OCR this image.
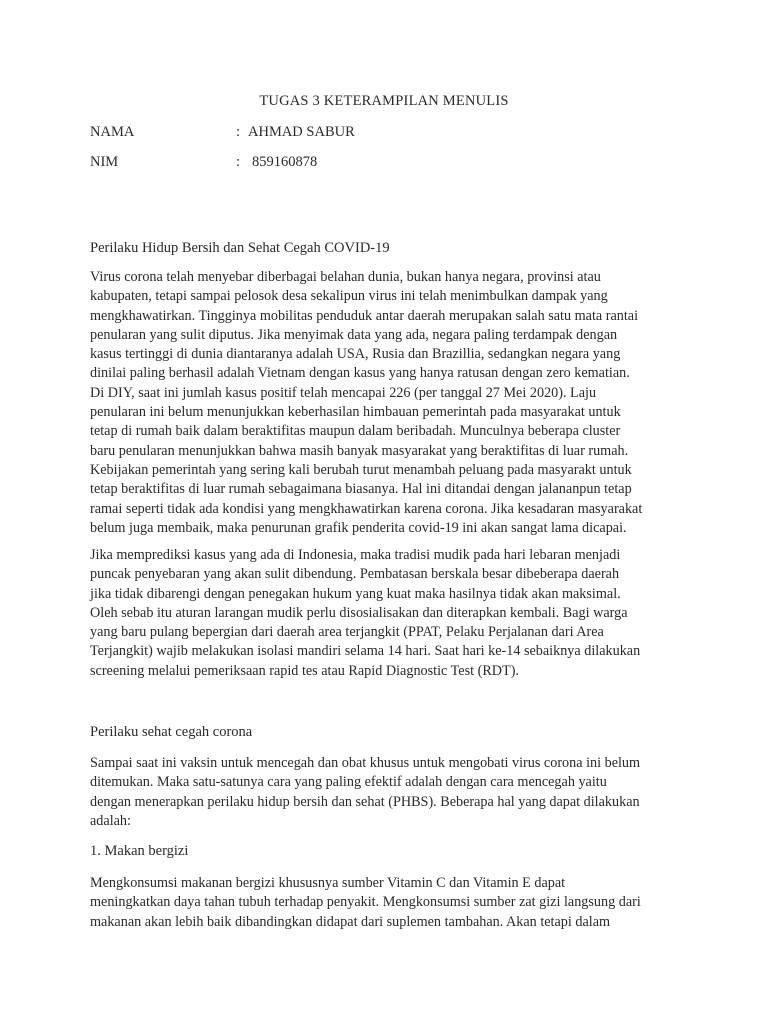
TUGAS 3 KETERAMPILAN MENULIS
NAMA	: AHMAD SABUR
NIM	: 859160878
Perilaku Hidup Bersih dan Sehat Cegah COVID-19

Virus corona telah menyebar diberbagai belahan dunia, bukan hanya negara, provinsi atau

kabupaten, tetapi sampai pelosok desa sekalipun virus ini telah menimbulkan dampak yang

mengkhawatirkan. Tingginya mobilitas penduduk antar daerah merupakan salah satu mata rantai

penularan yang sulit diputus. Jika menyimak data yang ada, negara paling terdampak dengan

kasus tertinggi di dunia diantaranya adalah USA, Rusia dan Brazillia, sedangkan negara yang

dinilai paling berhasil adalah Vietnam dengan kasus yang hanya ratusan dengan zero kematian.

Di DIY, saat ini jumlah kasus positif telah mencapai 226 (per tanggal 27 Mei 2020). Laju

penularan ini belum menunjukkan keberhasilan himbauan pemerintah pada masyarakat untuk

tetap di rumah baik dalam beraktifitas maupun dalam beribadah. Munculnya beberapa cluster

baru penularan menunjukkan bahwa masih banyak masyarakat yang beraktifitas di luar rumah.

Kebijakan pemerintah yang sering kali berubah turut menambah peluang pada masyarakt untuk

tetap beraktifitas di luar rumah sebagaimana biasanya. Hal ini ditandai dengan jalananpun tetap

ramai seperti tidak ada kondisi yang mengkhawatirkan karena corona. Jika kesadaran masyarakat

belum juga membaik, maka penurunan grafik penderita covid-19 ini akan sangat lama dicapai.

Jika memprediksi kasus yang ada di Indonesia, maka tradisi mudik pada hari lebaran menjadi

puncak penyebaran yang akan sulit dibendung. Pembatasan berskala besar dibeberapa daerah

jika tidak dibarengi dengan penegakan hukum yang kuat maka hasilnya tidak akan maksimal.

Oleh sebab itu aturan larangan mudik perlu disosialisakan dan diterapkan kembali. Bagi warga

yang baru pulang bepergian dari daerah area terjangkit (PPAT, Pelaku Perjalanan dari Area

Terjangkit) wajib melakukan isolasi mandiri selama 14 hari. Saat hari ke-14 sebaiknya dilakukan

screening melalui pemeriksaan rapid tes atau Rapid Diagnostic Test (RDT).

Perilaku sehat cegah corona

Sampai saat ini vaksin untuk mencegah dan obat khusus untuk mengobati virus corona ini belum

ditemukan. Maka satu-satunya cara yang paling efektif adalah dengan cara mencegah yaitu

dengan menerapkan perilaku hidup bersih dan sehat (PHBS). Beberapa hal yang dapat dilakukan

adalah:

1. Makan bergizi

Mengkonsumsi makanan bergizi khususnya sumber Vitamin C dan Vitamin E dapat

meningkatkan daya tahan tubuh terhadap penyakit. Mengkonsumsi sumber zat gizi langsung dari

makanan akan lebih baik dibandingkan didapat dari suplemen tambahan. Akan tetapi dalam
